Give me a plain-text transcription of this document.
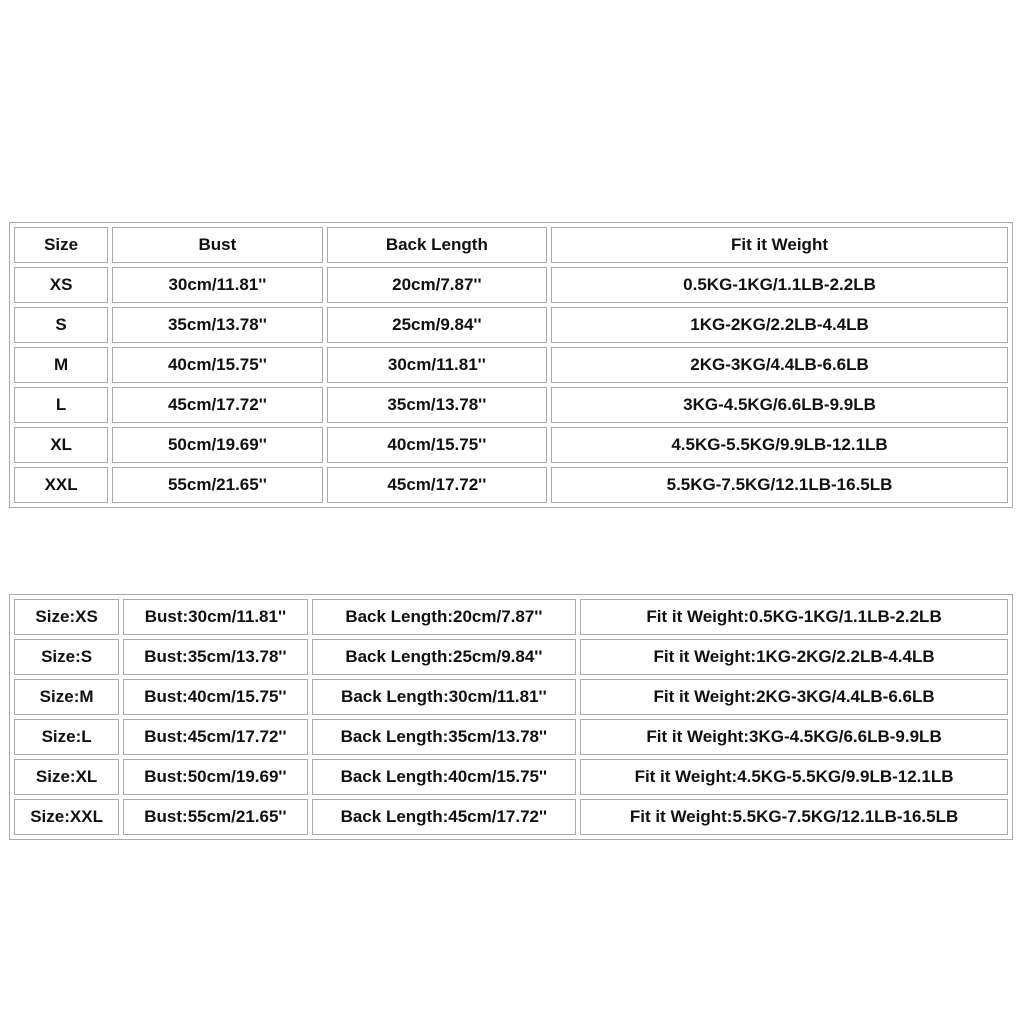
Size	Bust	Back Length	Fit it Weight
XS	30cm/11.81''	20cm/7.87''	0.5KG-1KG/1.1LB-2.2LB
S	35cm/13.78''	25cm/9.84''	1KG-2KG/2.2LB-4.4LB
M	40cm/15.75''	30cm/11.81''	2KG-3KG/4.4LB-6.6LB
L	45cm/17.72''	35cm/13.78''	3KG-4.5KG/6.6LB-9.9LB
XL	50cm/19.69''	40cm/15.75''	4.5KG-5.5KG/9.9LB-12.1LB
XXL	55cm/21.65''	45cm/17.72''	5.5KG-7.5KG/12.1LB-16.5LB
Size:XS	Bust:30cm/11.81''	Back Length:20cm/7.87''	Fit it Weight:0.5KG-1KG/1.1LB-2.2LB
Size:S	Bust:35cm/13.78''	Back Length:25cm/9.84''	Fit it Weight:1KG-2KG/2.2LB-4.4LB
Size:M	Bust:40cm/15.75''	Back Length:30cm/11.81''	Fit it Weight:2KG-3KG/4.4LB-6.6LB
Size:L	Bust:45cm/17.72''	Back Length:35cm/13.78''	Fit it Weight:3KG-4.5KG/6.6LB-9.9LB
Size:XL	Bust:50cm/19.69''	Back Length:40cm/15.75''	Fit it Weight:4.5KG-5.5KG/9.9LB-12.1LB
Size:XXL	Bust:55cm/21.65''	Back Length:45cm/17.72''	Fit it Weight:5.5KG-7.5KG/12.1LB-16.5LB
